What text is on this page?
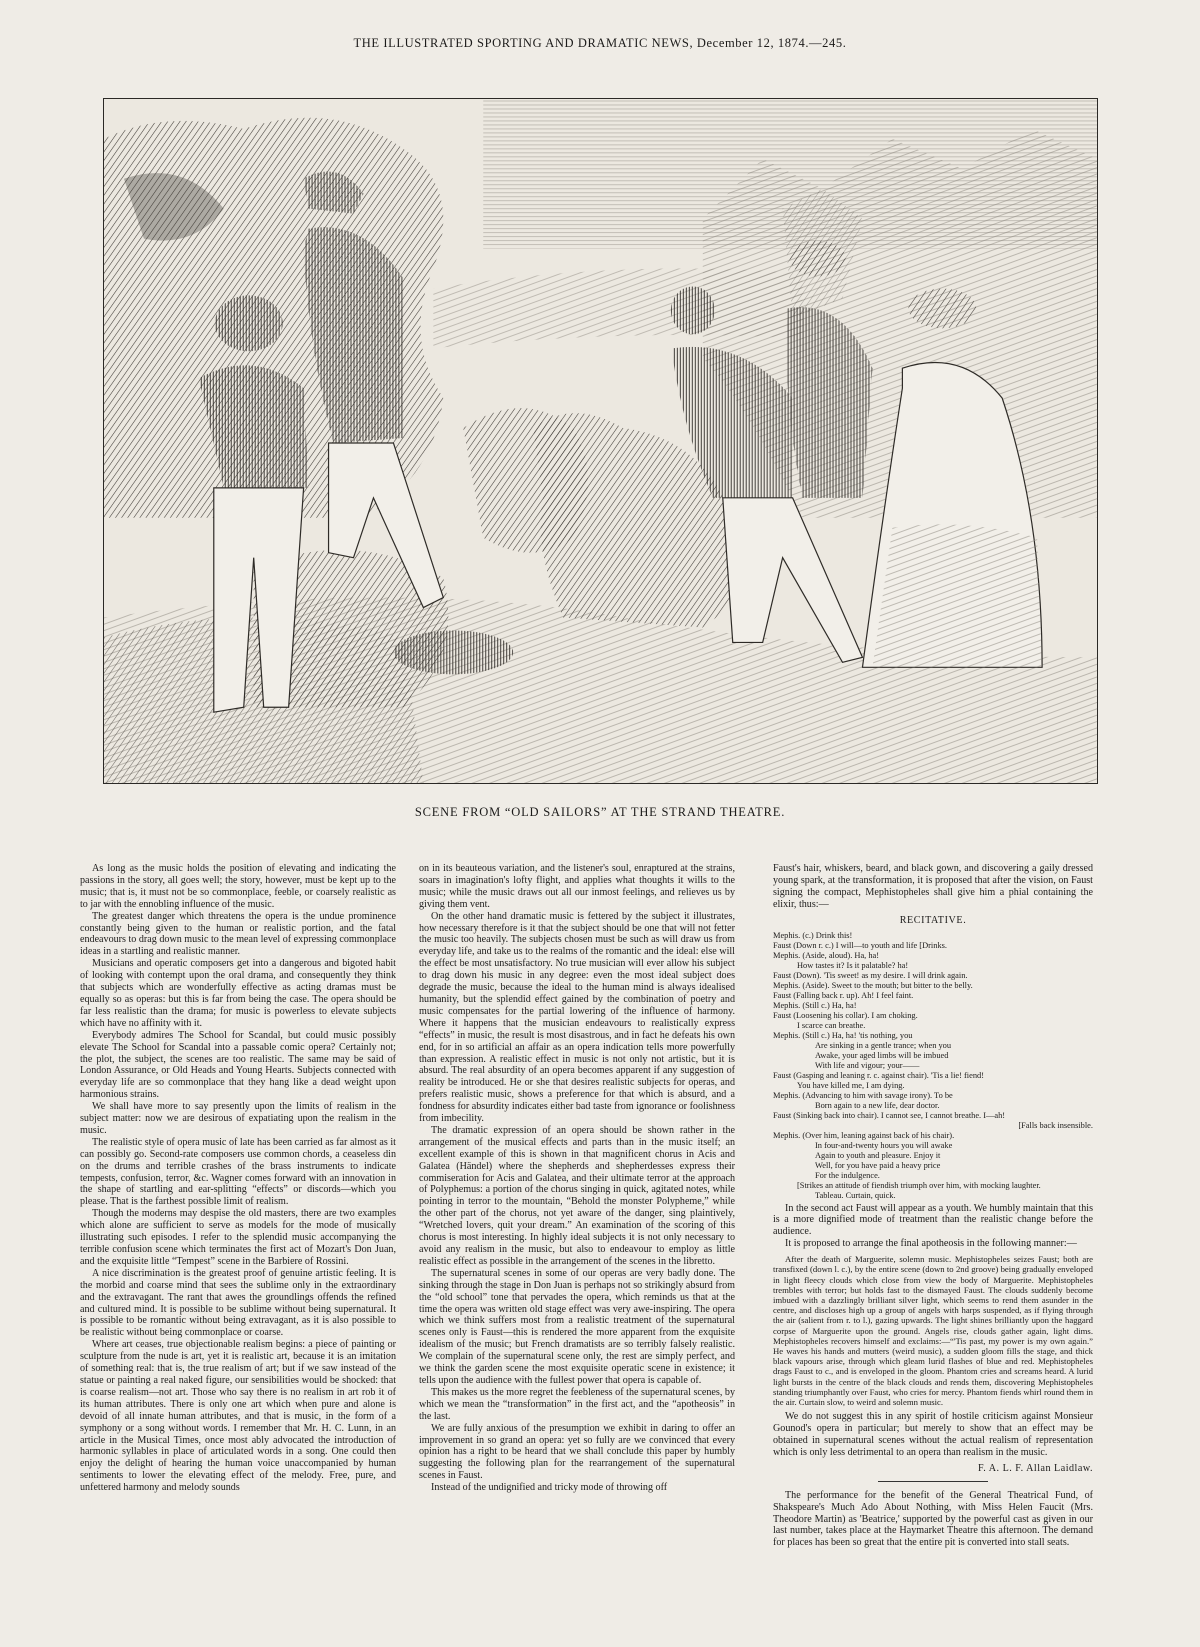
THE ILLUSTRATED SPORTING AND DRAMATIC NEWS, December 12, 1874.—245.
SCENE FROM “OLD SAILORS” AT THE STRAND THEATRE.

As long as the music holds the position of elevating and indicating the passions in the story, all goes well; the story, however, must be kept up to the music; that is, it must not be so commonplace, feeble, or coarsely realistic as to jar with the ennobling influence of the music.

The greatest danger which threatens the opera is the undue prominence constantly being given to the human or realistic portion, and the fatal endeavours to drag down music to the mean level of expressing commonplace ideas in a startling and realistic manner.

Musicians and operatic composers get into a dangerous and bigoted habit of looking with contempt upon the oral drama, and consequently they think that subjects which are wonderfully effective as acting dramas must be equally so as operas: but this is far from being the case. The opera should be far less realistic than the drama; for music is powerless to elevate subjects which have no affinity with it.

Everybody admires The School for Scandal, but could music possibly elevate The School for Scandal into a passable comic opera? Certainly not; the plot, the subject, the scenes are too realistic. The same may be said of London Assurance, or Old Heads and Young Hearts. Subjects connected with everyday life are so commonplace that they hang like a dead weight upon harmonious strains.

We shall have more to say presently upon the limits of realism in the subject matter: now we are desirous of expatiating upon the realism in the music.

The realistic style of opera music of late has been carried as far almost as it can possibly go. Second-rate composers use common chords, a ceaseless din on the drums and terrible crashes of the brass instruments to indicate tempests, confusion, terror, &c. Wagner comes forward with an innovation in the shape of startling and ear-splitting “effects” or discords—which you please. That is the farthest possible limit of realism.

Though the moderns may despise the old masters, there are two examples which alone are sufficient to serve as models for the mode of musically illustrating such episodes. I refer to the splendid music accompanying the terrible confusion scene which terminates the first act of Mozart's Don Juan, and the exquisite little “Tempest” scene in the Barbiere of Rossini.

A nice discrimination is the greatest proof of genuine artistic feeling. It is the morbid and coarse mind that sees the sublime only in the extraordinary and the extravagant. The rant that awes the groundlings offends the refined and cultured mind. It is possible to be sublime without being supernatural. It is possible to be romantic without being extravagant, as it is also possible to be realistic without being commonplace or coarse.

Where art ceases, true objectionable realism begins: a piece of painting or sculpture from the nude is art, yet it is realistic art, because it is an imitation of something real: that is, the true realism of art; but if we saw instead of the statue or painting a real naked figure, our sensibilities would be shocked: that is coarse realism—not art. Those who say there is no realism in art rob it of its human attributes. There is only one art which when pure and alone is devoid of all innate human attributes, and that is music, in the form of a symphony or a song without words. I remember that Mr. H. C. Lunn, in an article in the Musical Times, once most ably advocated the introduction of harmonic syllables in place of articulated words in a song. One could then enjoy the delight of hearing the human voice unaccompanied by human sentiments to lower the elevating effect of the melody. Free, pure, and unfettered harmony and melody sounds

on in its beauteous variation, and the listener's soul, enraptured at the strains, soars in imagination's lofty flight, and applies what thoughts it wills to the music; while the music draws out all our inmost feelings, and relieves us by giving them vent.

On the other hand dramatic music is fettered by the subject it illustrates, how necessary therefore is it that the subject should be one that will not fetter the music too heavily. The subjects chosen must be such as will draw us from everyday life, and take us to the realms of the romantic and the ideal: else will the effect be most unsatisfactory. No true musician will ever allow his subject to drag down his music in any degree: even the most ideal subject does degrade the music, because the ideal to the human mind is always idealised humanity, but the splendid effect gained by the combination of poetry and music compensates for the partial lowering of the influence of harmony. Where it happens that the musician endeavours to realistically express “effects” in music, the result is most disastrous, and in fact he defeats his own end, for in so artificial an affair as an opera indication tells more powerfully than expression. A realistic effect in music is not only not artistic, but it is absurd. The real absurdity of an opera becomes apparent if any suggestion of reality be introduced. He or she that desires realistic subjects for operas, and prefers realistic music, shows a preference for that which is absurd, and a fondness for absurdity indicates either bad taste from ignorance or foolishness from imbecility.

The dramatic expression of an opera should be shown rather in the arrangement of the musical effects and parts than in the music itself; an excellent example of this is shown in that magnificent chorus in Acis and Galatea (Händel) where the shepherds and shepherdesses express their commiseration for Acis and Galatea, and their ultimate terror at the approach of Polyphemus: a portion of the chorus singing in quick, agitated notes, while pointing in terror to the mountain, “Behold the monster Polypheme,” while the other part of the chorus, not yet aware of the danger, sing plaintively, “Wretched lovers, quit your dream.” An examination of the scoring of this chorus is most interesting. In highly ideal subjects it is not only necessary to avoid any realism in the music, but also to endeavour to employ as little realistic effect as possible in the arrangement of the scenes in the libretto.

The supernatural scenes in some of our operas are very badly done. The sinking through the stage in Don Juan is perhaps not so strikingly absurd from the “old school” tone that pervades the opera, which reminds us that at the time the opera was written old stage effect was very awe-inspiring. The opera which we think suffers most from a realistic treatment of the supernatural scenes only is Faust—this is rendered the more apparent from the exquisite idealism of the music; but French dramatists are so terribly falsely realistic. We complain of the supernatural scene only, the rest are simply perfect, and we think the garden scene the most exquisite operatic scene in existence; it tells upon the audience with the fullest power that opera is capable of.

This makes us the more regret the feebleness of the supernatural scenes, by which we mean the “transformation” in the first act, and the “apotheosis” in the last.

We are fully anxious of the presumption we exhibit in daring to offer an improvement in so grand an opera: yet so fully are we convinced that every opinion has a right to be heard that we shall conclude this paper by humbly suggesting the following plan for the rearrangement of the supernatural scenes in Faust.

Instead of the undignified and tricky mode of throwing off

Faust's hair, whiskers, beard, and black gown, and discovering a gaily dressed young spark, at the transformation, it is proposed that after the vision, on Faust signing the compact, Mephistopheles shall give him a phial containing the elixir, thus:—

RECITATIVE.

Mephis. (c.) Drink this!
Faust (Down r. c.) I will—to youth and life [Drinks.
Mephis. (Aside, aloud). Ha, ha!
How tastes it? Is it palatable? ha!
Faust (Down). 'Tis sweet! as my desire. I will drink again.
Mephis. (Aside). Sweet to the mouth; but bitter to the belly.
Faust (Falling back r. up). Ah! I feel faint.
Mephis. (Still c.) Ha, ha!
Faust (Loosening his collar). I am choking.
I scarce can breathe.
Mephis. (Still c.) Ha, ha! 'tis nothing, you
Are sinking in a gentle trance; when you
Awake, your aged limbs will be imbued
With life and vigour; your——
Faust (Gasping and leaning r. c. against chair). 'Tis a lie! fiend!
You have killed me, I am dying.
Mephis. (Advancing to him with savage irony). To be
Born again to a new life, dear doctor.
Faust (Sinking back into chair). I cannot see, I cannot breathe. I—ah!
[Falls back insensible.
Mephis. (Over him, leaning against back of his chair).
In four-and-twenty hours you will awake
Again to youth and pleasure. Enjoy it
Well, for you have paid a heavy price
For the indulgence.
[Strikes an attitude of fiendish triumph over him, with mocking laughter.
Tableau. Curtain, quick.

In the second act Faust will appear as a youth. We humbly maintain that this is a more dignified mode of treatment than the realistic change before the audience.

It is proposed to arrange the final apotheosis in the following manner:—

After the death of Marguerite, solemn music. Mephistopheles seizes Faust; both are transfixed (down l. c.), by the entire scene (down to 2nd groove) being gradually enveloped in light fleecy clouds which close from view the body of Marguerite. Mephistopheles trembles with terror; but holds fast to the dismayed Faust. The clouds suddenly become imbued with a dazzlingly brilliant silver light, which seems to rend them asunder in the centre, and discloses high up a group of angels with harps suspended, as if flying through the air (salient from r. to l.), gazing upwards. The light shines brilliantly upon the haggard corpse of Marguerite upon the ground. Angels rise, clouds gather again, light dims. Mephistopheles recovers himself and exclaims:—“'Tis past, my power is my own again.” He waves his hands and mutters (weird music), a sudden gloom fills the stage, and thick black vapours arise, through which gleam lurid flashes of blue and red. Mephistopheles drags Faust to c., and is enveloped in the gloom. Phantom cries and screams heard. A lurid light bursts in the centre of the black clouds and rends them, discovering Mephistopheles standing triumphantly over Faust, who cries for mercy. Phantom fiends whirl round them in the air. Curtain slow, to weird and solemn music.

We do not suggest this in any spirit of hostile criticism against Monsieur Gounod's opera in particular; but merely to show that an effect may be obtained in supernatural scenes without the actual realism of representation which is only less detrimental to an opera than realism in the music.

F. A. L. F. Allan Laidlaw.

The performance for the benefit of the General Theatrical Fund, of Shakspeare's Much Ado About Nothing, with Miss Helen Faucit (Mrs. Theodore Martin) as 'Beatrice,' supported by the powerful cast as given in our last number, takes place at the Haymarket Theatre this afternoon. The demand for places has been so great that the entire pit is converted into stall seats.
